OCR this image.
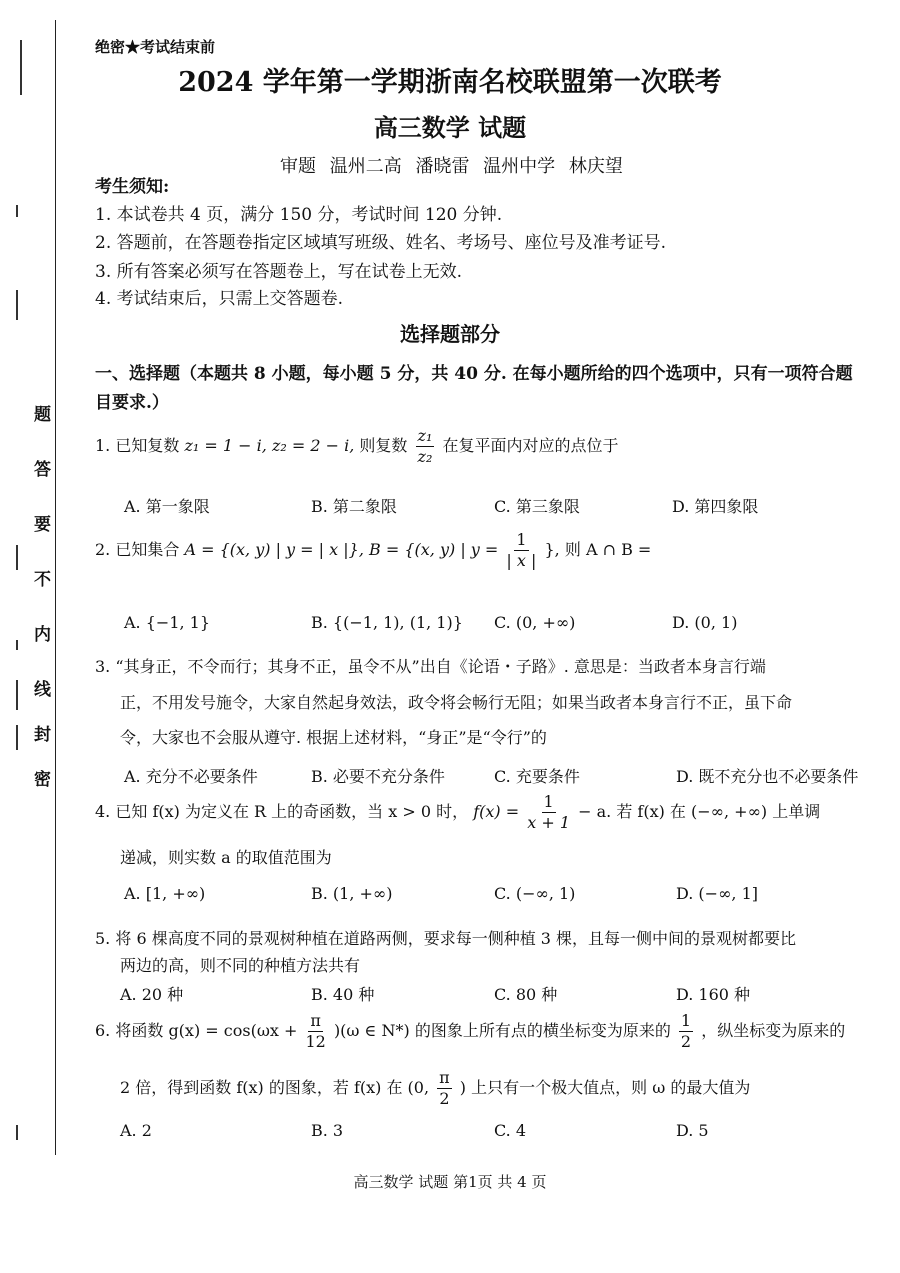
题
答
要
不
内
线
封
密
绝密★考试结束前
2024 学年第一学期浙南名校联盟第一次联考
高三数学 试题
审题 温州二高 潘晓雷 温州中学 林庆望
考生须知:
1. 本试卷共 4 页，满分 150 分，考试时间 120 分钟.
2. 答题前，在答题卷指定区域填写班级、姓名、考场号、座位号及准考证号.
3. 所有答案必须写在答题卷上，写在试卷上无效.
4. 考试结束后，只需上交答题卷.
选择题部分
一、选择题（本题共 8 小题，每小题 5 分，共 40 分. 在每小题所给的四个选项中，只有一项符合题
目要求.）
1. 已知复数 z₁ = 1 − i, z₂ = 2 − i, 则复数 $\frac{\text{z₁}}{\text{z₂}}$ 在复平面内对应的点位于
A. 第一象限	B. 第二象限	C. 第三象限	D. 第四象限
2. 已知集合 A = {(x, y) | y = | x |}, B = {(x, y) | $y = \frac{1}{| x |}$ }, 则 A ∩ B =
A. {−1, 1}	B. {(−1, 1), (1, 1)} C. (0, +∞)	D. (0, 1)
3. “其身正，不令而行；其身不正，虽令不从”出自《论语・子路》. 意思是：当政者本身言行端
正，不用发号施令，大家自然起身效法，政令将会畅行无阻；如果当政者本身言行不正，虽下命
令，大家也不会服从遵守. 根据上述材料，“身正”是“令行”的
A. 充分不必要条件	B. 必要不充分条件	C. 充要条件	D. 既不充分也不必要条件
4. 已知 f(x) 为定义在 R 上的奇函数，当 x > 0 时， $f(x) = \frac{1}{x + 1} - a$. 若 f(x) 在 (−∞, +∞) 上单调
递减，则实数 a 的取值范围为
A. [1, +∞)	B. (1, +∞)	C. (−∞, 1)	D. (−∞, 1]
5. 将 6 棵高度不同的景观树种植在道路两侧，要求每一侧种植 3 棵，且每一侧中间的景观树都要比
两边的高，则不同的种植方法共有
A. 20 种	B. 40 种	C. 80 种	D. 160 种
6. 将函数 $g(x) = \cos(\omega x + \frac{\pi}{12} )(\omega$ ∈ N*) 的图象上所有点的横坐标变为原来的 $\frac{1}{2}$ ，纵坐标变为原来的
2 倍，得到函数 f(x) 的图象，若 f(x) 在 (0, $\frac{\pi}{2}$ ) 上只有一个极大值点，则 ω 的最大值为
A. 2	B. 3	C. 4	D. 5
高三数学 试题 第1页 共 4 页
